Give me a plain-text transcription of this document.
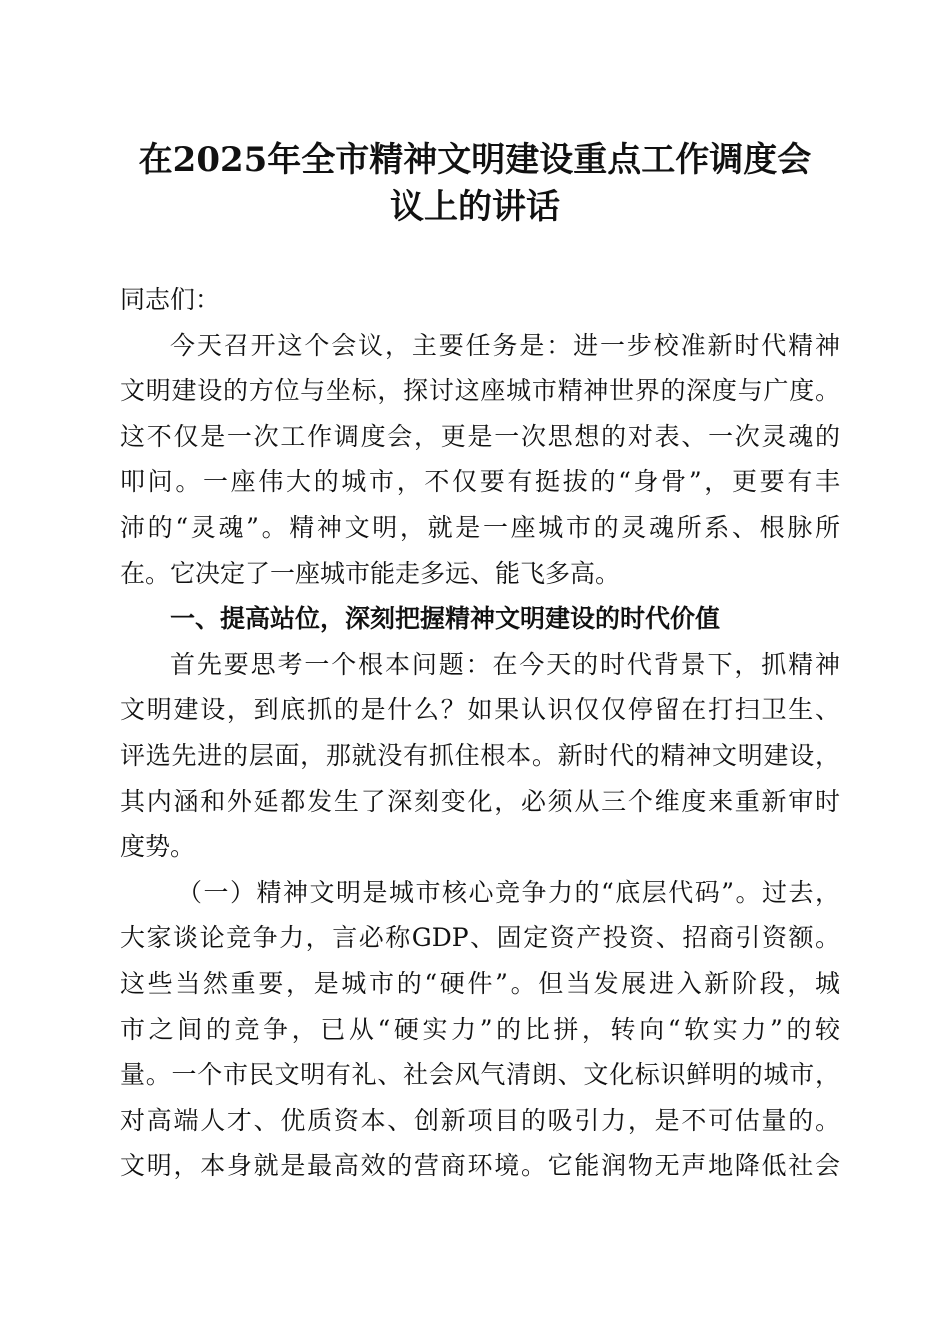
在2025年全市精神文明建设重点工作调度会
议上的讲话
同志们：
今天召开这个会议，主要任务是：进一步校准新时代精神
文明建设的方位与坐标，探讨这座城市精神世界的深度与广度。
这不仅是一次工作调度会，更是一次思想的对表、一次灵魂的
叩问。一座伟大的城市，不仅要有挺拔的“身骨”，更要有丰
沛的“灵魂”。精神文明，就是一座城市的灵魂所系、根脉所
在。它决定了一座城市能走多远、能飞多高。
一、提高站位，深刻把握精神文明建设的时代价值
首先要思考一个根本问题：在今天的时代背景下，抓精神
文明建设，到底抓的是什么？如果认识仅仅停留在打扫卫生、
评选先进的层面，那就没有抓住根本。新时代的精神文明建设，
其内涵和外延都发生了深刻变化，必须从三个维度来重新审时
度势。
（一）精神文明是城市核心竞争力的“底层代码”。过去，
大家谈论竞争力，言必称GDP、固定资产投资、招商引资额。
这些当然重要，是城市的“硬件”。但当发展进入新阶段，城
市之间的竞争，已从“硬实力”的比拼，转向“软实力”的较
量。一个市民文明有礼、社会风气清朗、文化标识鲜明的城市，
对高端人才、优质资本、创新项目的吸引力，是不可估量的。
文明，本身就是最高效的营商环境。它能润物无声地降低社会
